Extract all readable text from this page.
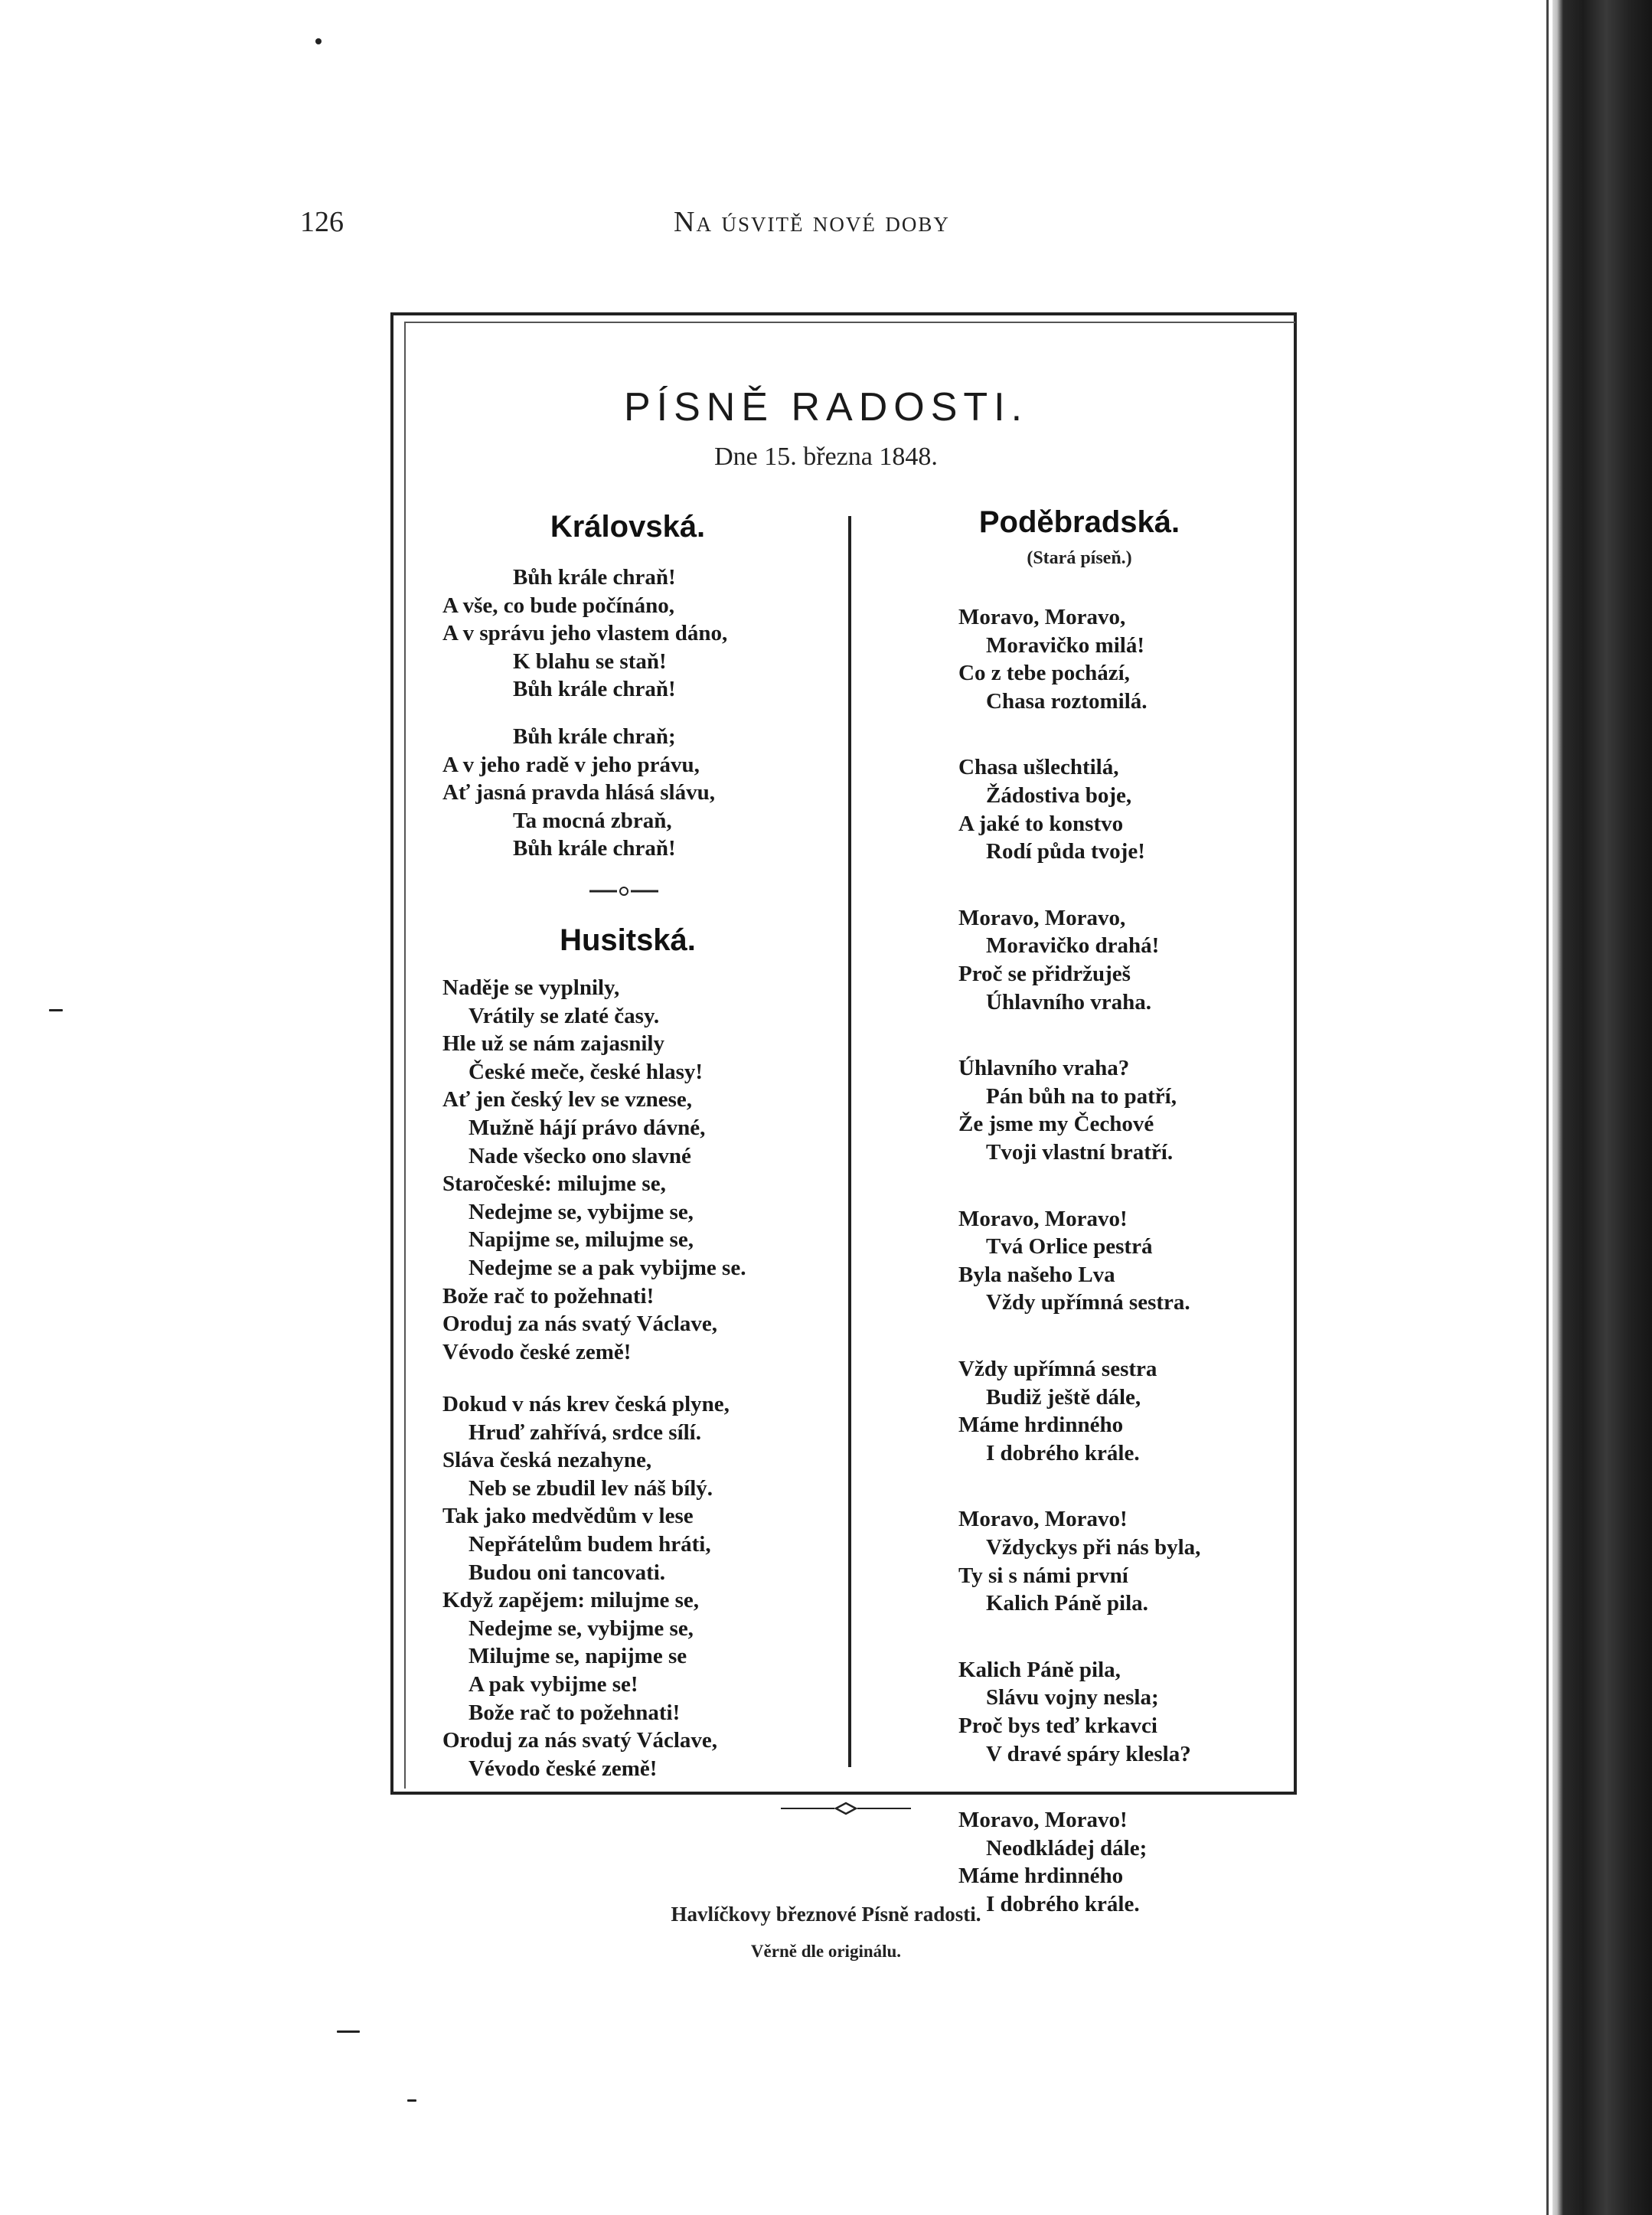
126	Na úsvitě nové doby
PÍSNĚ RADOSTI.
Dne 15. března 1848.
Královská.
Bůh krále chraň!
A vše, co bude počínáno,
A v správu jeho vlastem dáno,
K blahu se staň!
Bůh krále chraň!
Bůh krále chraň;
A v jeho radě v jeho právu,
Ať jasná pravda hlásá slávu,
Ta mocná zbraň,
Bůh krále chraň!
Husitská.
Naděje se vyplnily,
Vrátily se zlaté časy.
Hle už se nám zajasnily
České meče, české hlasy!
Ať jen český lev se vznese,
Mužně hájí právo dávné,
Nade všecko ono slavné
Staročeské: milujme se,
Nedejme se, vybijme se,
Napijme se, milujme se,
Nedejme se a pak vybijme se.
Bože rač to požehnati!
Oroduj za nás svatý Václave,
Vévodo české země!
Dokud v nás krev česká plyne,
Hruď zahřívá, srdce sílí.
Sláva česká nezahyne,
Neb se zbudil lev náš bílý.
Tak jako medvědům v lese
Nepřátelům budem hráti,
Budou oni tancovati.
Když zapějem: milujme se,
Nedejme se, vybijme se,
Milujme se, napijme se
A pak vybijme se!
Bože rač to požehnati!
Oroduj za nás svatý Václave,
Vévodo české země!
Poděbradská.
(Stará píseň.)
Moravo, Moravo,
Moravičko milá!
Co z tebe pochází,
Chasa roztomilá.
Chasa ušlechtilá,
Žádostiva boje,
A jaké to konstvo
Rodí půda tvoje!
Moravo, Moravo,
Moravičko drahá!
Proč se přidržuješ
Úhlavního vraha.
Úhlavního vraha?
Pán bůh na to patří,
Že jsme my Čechové
Tvoji vlastní bratří.
Moravo, Moravo!
Tvá Orlice pestrá
Byla našeho Lva
Vždy upřímná sestra.
Vždy upřímná sestra
Budiž ještě dále,
Máme hrdinného
I dobrého krále.
Moravo, Moravo!
Vždyckys při nás byla,
Ty si s námi první
Kalich Páně pila.
Kalich Páně pila,
Slávu vojny nesla;
Proč bys teď krkavci
V dravé spáry klesla?
Moravo, Moravo!
Neodkládej dále;
Máme hrdinného
I dobrého krále.
Havlíčkovy březnové Písně radosti.
Věrně dle originálu.
